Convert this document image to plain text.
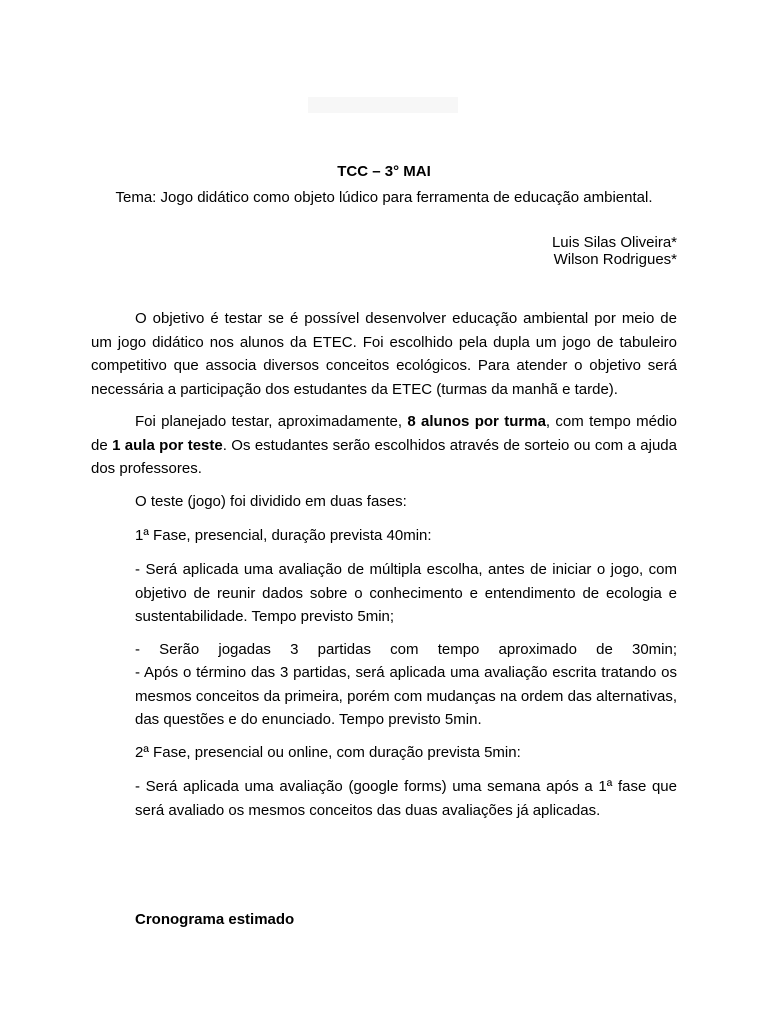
TCC – 3° MAI
Tema: Jogo didático como objeto lúdico para ferramenta de educação ambiental.
Luis Silas Oliveira*
Wilson Rodrigues*

O objetivo é testar se é possível desenvolver educação ambiental por meio de um jogo didático nos alunos da ETEC. Foi escolhido pela dupla um jogo de tabuleiro competitivo que associa diversos conceitos ecológicos. Para atender o objetivo será necessária a participação dos estudantes da ETEC (turmas da manhã e tarde).

Foi planejado testar, aproximadamente, 8 alunos por turma, com tempo médio de 1 aula por teste. Os estudantes serão escolhidos através de sorteio ou com a ajuda dos professores.

O teste (jogo) foi dividido em duas fases:
1ª Fase, presencial, duração prevista 40min:

- Será aplicada uma avaliação de múltipla escolha, antes de iniciar o jogo, com objetivo de reunir dados sobre o conhecimento e entendimento de ecologia e sustentabilidade. Tempo previsto 5min;

- Serão jogadas 3 partidas com tempo aproximado de 30min;

- Após o término das 3 partidas, será aplicada uma avaliação escrita tratando os mesmos conceitos da primeira, porém com mudanças na ordem das alternativas, das questões e do enunciado. Tempo previsto 5min.

2ª Fase, presencial ou online, com duração prevista 5min:

- Será aplicada uma avaliação (google forms) uma semana após a 1ª fase que será avaliado os mesmos conceitos das duas avaliações já aplicadas.

Cronograma estimado
